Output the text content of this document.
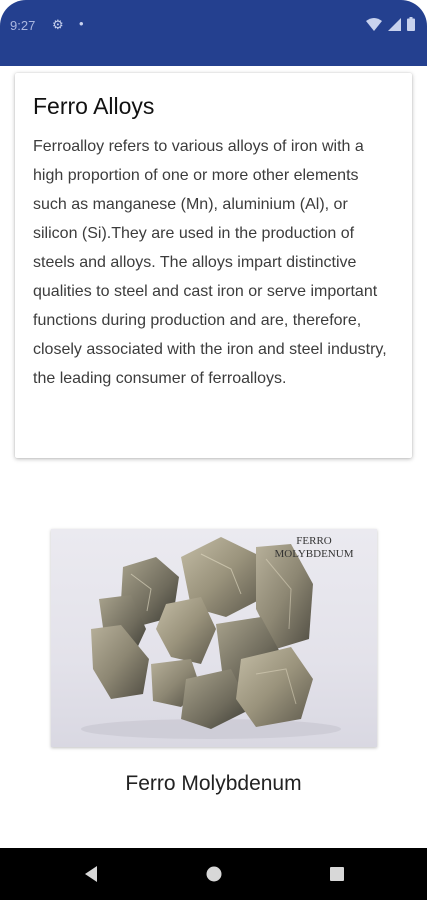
9:27 ⚙ •
Ferro Alloys

Ferroalloy refers to various alloys of iron with a high proportion of one or more other elements such as manganese (Mn), aluminium (Al), or silicon (Si).They are used in the production of steels and alloys. The alloys impart distinctive qualities to steel and cast iron or serve important functions during production and are, therefore, closely associated with the iron and steel industry, the leading consumer of ferroalloys.

FERRO
MOLYBDENUM
Ferro Molybdenum
